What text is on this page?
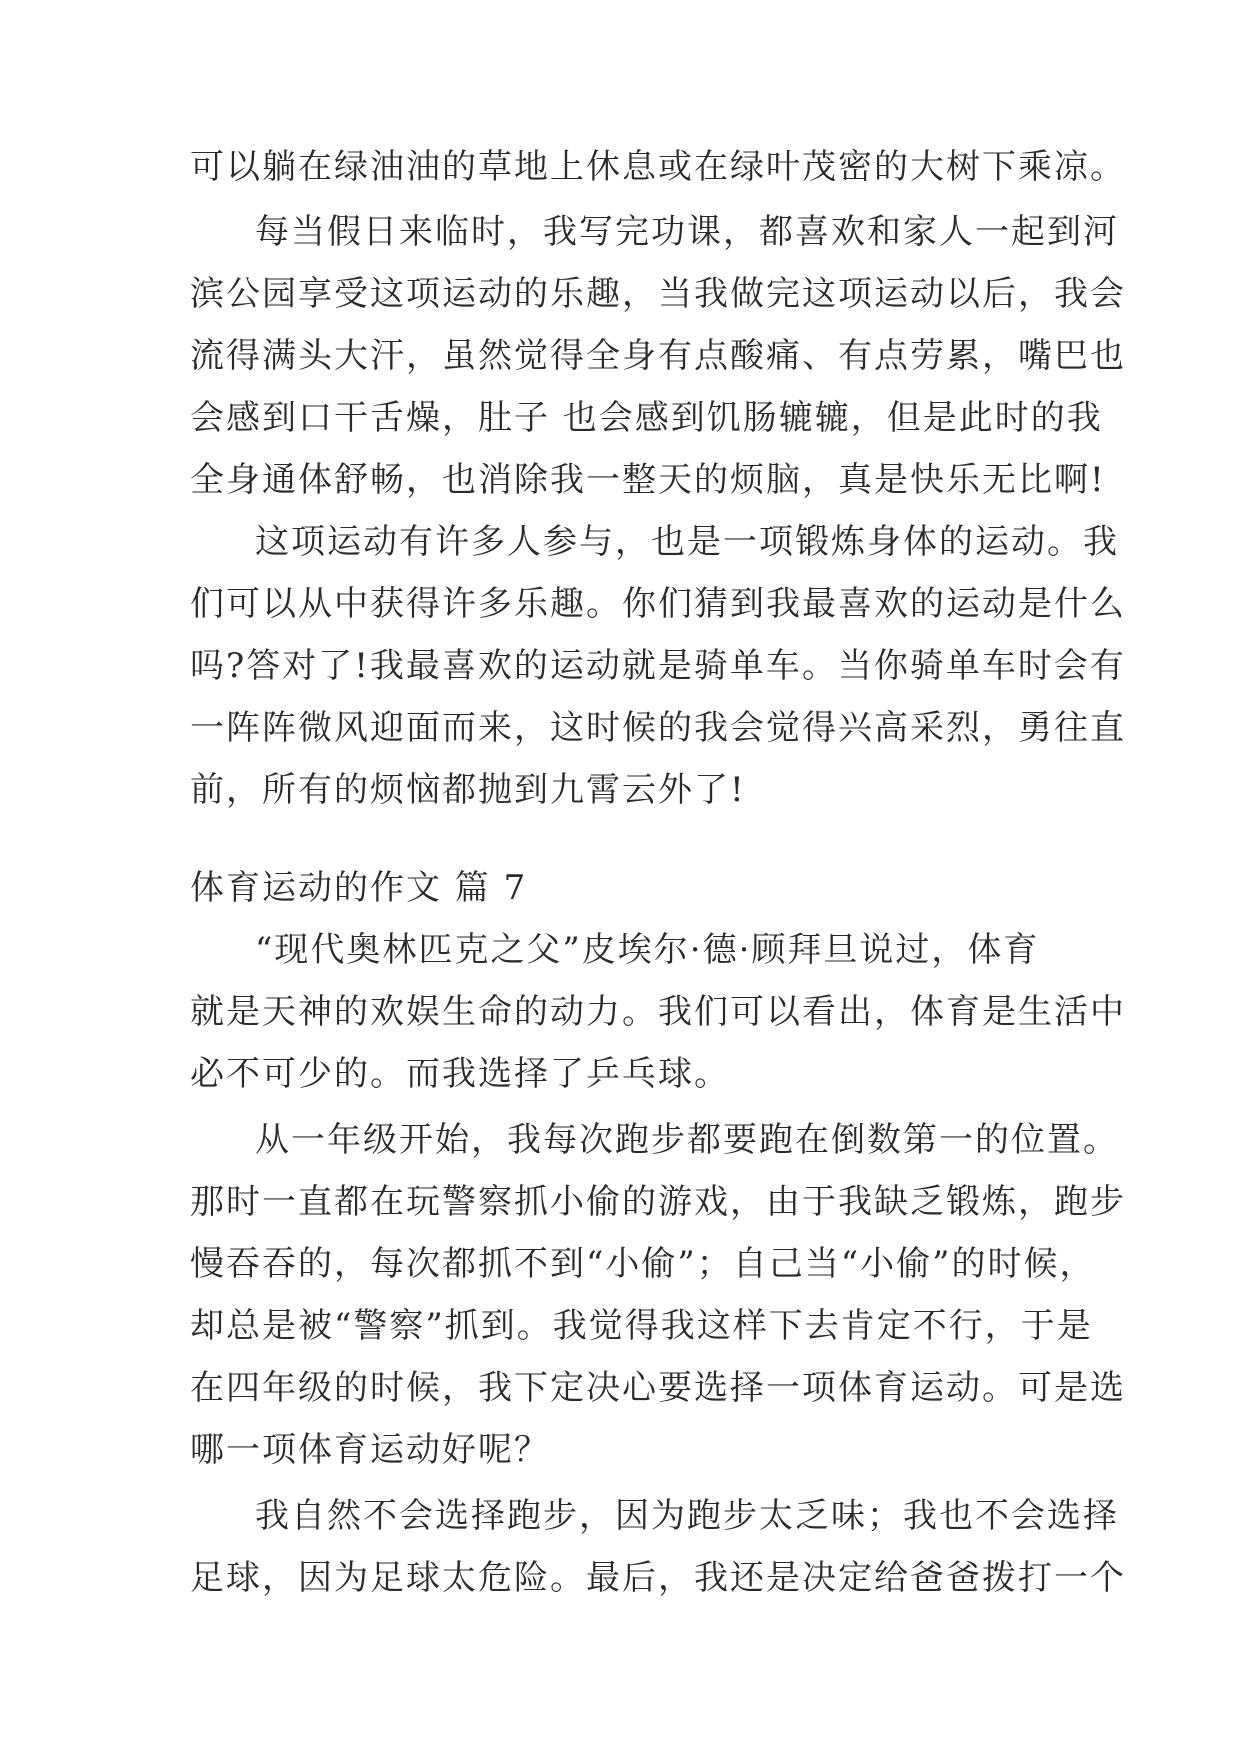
可以躺在绿油油的草地上休息或在绿叶茂密的大树下乘凉。
每当假日来临时，我写完功课，都喜欢和家人一起到河
滨公园享受这项运动的乐趣，当我做完这项运动以后，我会
流得满头大汗，虽然觉得全身有点酸痛、有点劳累，嘴巴也
会感到口干舌燥，肚子 也会感到饥肠辘辘，但是此时的我
全身通体舒畅，也消除我一整天的烦脑，真是快乐无比啊!
这项运动有许多人参与，也是一项锻炼身体的运动。我
们可以从中获得许多乐趣。你们猜到我最喜欢的运动是什么
吗?答对了!我最喜欢的运动就是骑单车。当你骑单车时会有
一阵阵微风迎面而来，这时候的我会觉得兴高采烈，勇往直
前，所有的烦恼都抛到九霄云外了!
体育运动的作文 篇 7
“现代奥林匹克之父”皮埃尔·德·顾拜旦说过，体育
就是天神的欢娱生命的动力。我们可以看出，体育是生活中
必不可少的。而我选择了乒乓球。
从一年级开始，我每次跑步都要跑在倒数第一的位置。
那时一直都在玩警察抓小偷的游戏，由于我缺乏锻炼，跑步
慢吞吞的，每次都抓不到“小偷”；自己当“小偷”的时候，
却总是被“警察”抓到。我觉得我这样下去肯定不行，于是
在四年级的时候，我下定决心要选择一项体育运动。可是选
哪一项体育运动好呢？
我自然不会选择跑步，因为跑步太乏味；我也不会选择
足球，因为足球太危险。最后，我还是决定给爸爸拨打一个
